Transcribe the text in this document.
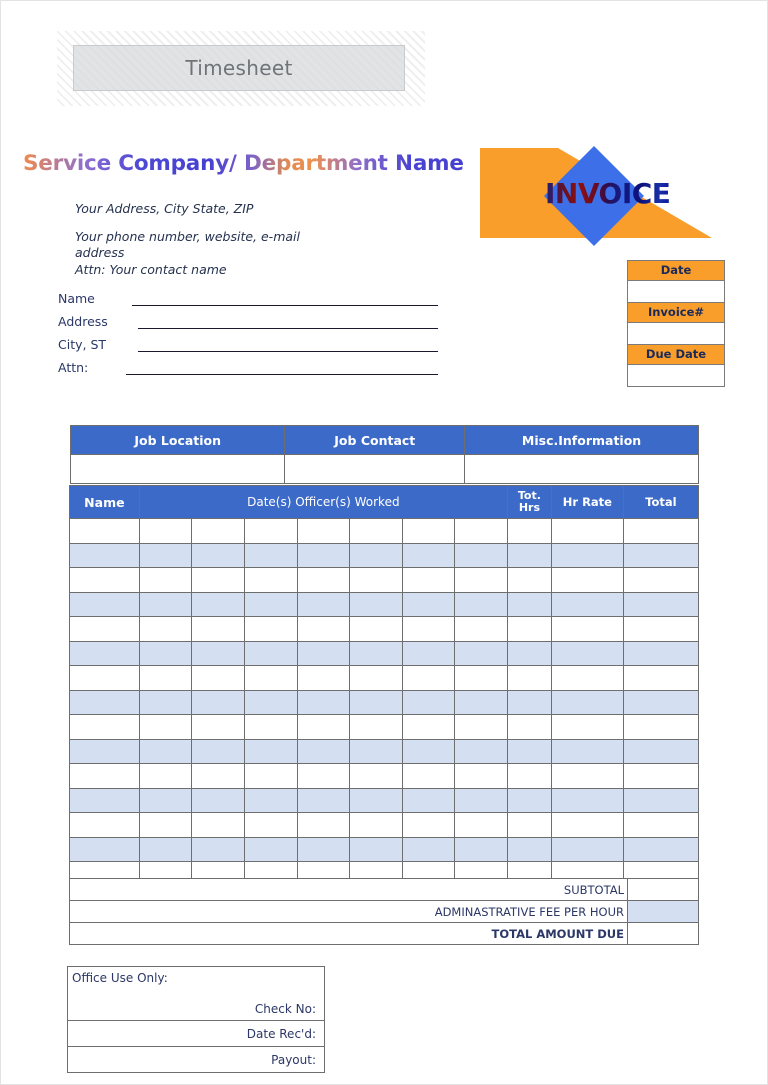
Timesheet
Service Company/ Department Name
Your Address, City State, ZIP
Your phone number, website, e-mail
address
Attn: Your contact name
INVOICE
Date
Invoice#
Due Date
Name
Address
City, ST
Attn:
Job Location	Job Contact	Misc.Information

Name	Date(s) Officer(s) Worked							Tot.
Hrs	Hr Rate	Total

SUBTOTAL	
ADMINASTRATIVE FEE PER HOUR	
TOTAL AMOUNT DUE	
Office Use Only:
Check No:
Date Rec'd:
Payout:
